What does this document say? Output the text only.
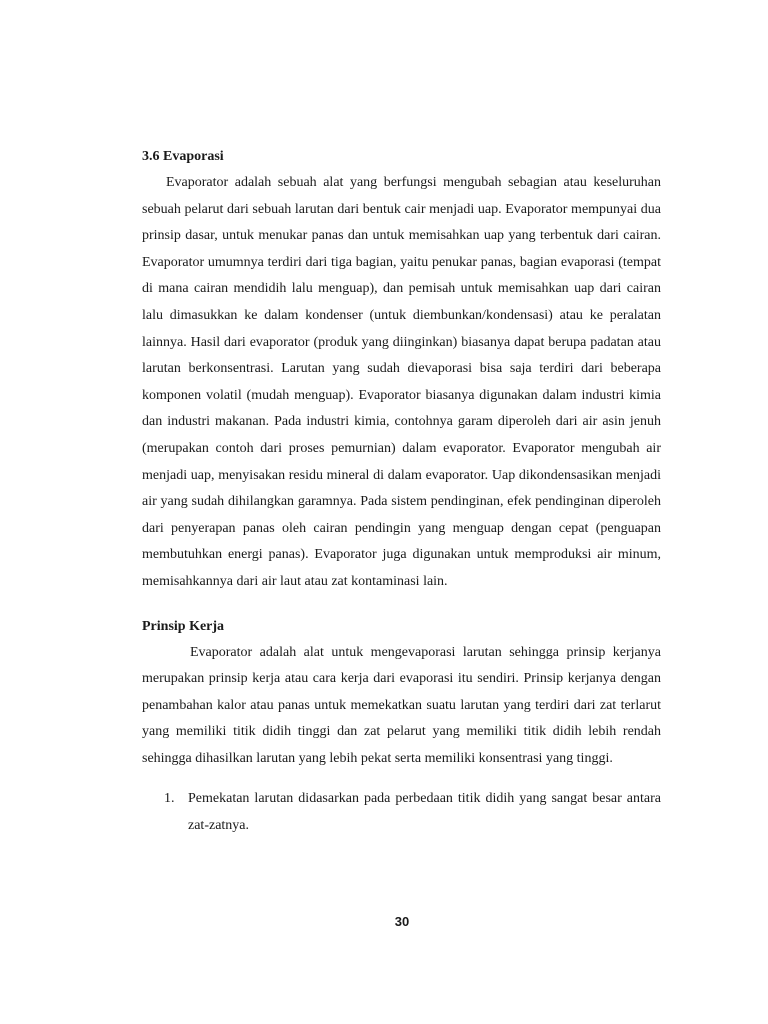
3.6 Evaporasi

Evaporator adalah sebuah alat yang berfungsi mengubah sebagian atau keseluruhan sebuah pelarut dari sebuah larutan dari bentuk cair menjadi uap. Evaporator mempunyai dua prinsip dasar, untuk menukar panas dan untuk memisahkan uap yang terbentuk dari cairan. Evaporator umumnya terdiri dari tiga bagian, yaitu penukar panas, bagian evaporasi (tempat di mana cairan mendidih lalu menguap), dan pemisah untuk memisahkan uap dari cairan lalu dimasukkan ke dalam kondenser (untuk diembunkan/kondensasi) atau ke peralatan lainnya. Hasil dari evaporator (produk yang diinginkan) biasanya dapat berupa padatan atau larutan berkonsentrasi. Larutan yang sudah dievaporasi bisa saja terdiri dari beberapa komponen volatil (mudah menguap). Evaporator biasanya digunakan dalam industri kimia dan industri makanan. Pada industri kimia, contohnya garam diperoleh dari air asin jenuh (merupakan contoh dari proses pemurnian) dalam evaporator. Evaporator mengubah air menjadi uap, menyisakan residu mineral di dalam evaporator. Uap dikondensasikan menjadi air yang sudah dihilangkan garamnya. Pada sistem pendinginan, efek pendinginan diperoleh dari penyerapan panas oleh cairan pendingin yang menguap dengan cepat (penguapan membutuhkan energi panas). Evaporator juga digunakan untuk memproduksi air minum, memisahkannya dari air laut atau zat kontaminasi lain.

Prinsip Kerja

Evaporator adalah alat untuk mengevaporasi larutan sehingga prinsip kerjanya merupakan prinsip kerja atau cara kerja dari evaporasi itu sendiri. Prinsip kerjanya dengan penambahan kalor atau panas untuk memekatkan suatu larutan yang terdiri dari zat terlarut yang memiliki titik didih tinggi dan zat pelarut yang memiliki titik didih lebih rendah sehingga dihasilkan larutan yang lebih pekat serta memiliki konsentrasi yang tinggi.

1. Pemekatan larutan didasarkan pada perbedaan titik didih yang sangat besar antara zat-zatnya.

30
